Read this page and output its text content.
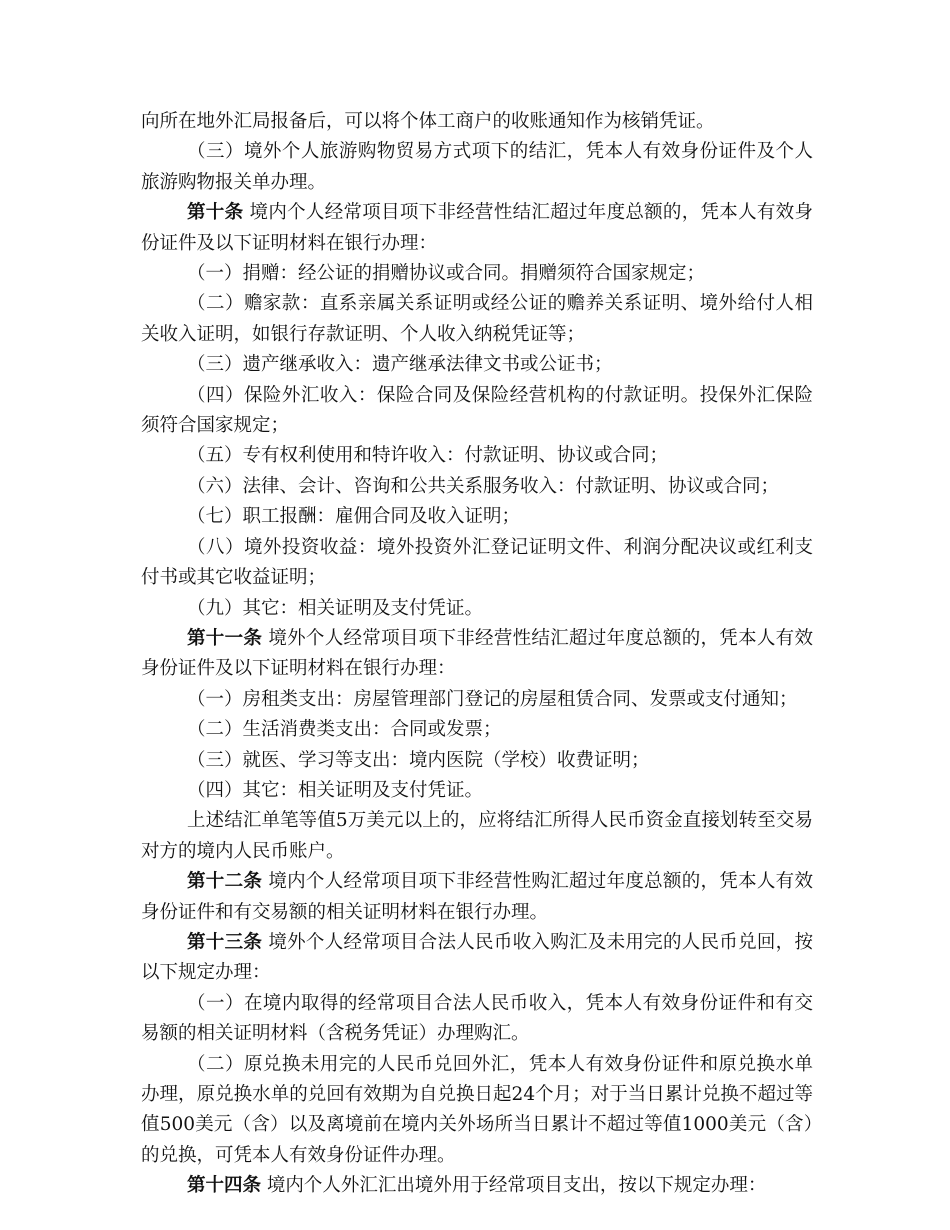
向所在地外汇局报备后，可以将个体工商户的收账通知作为核销凭证。

（三）境外个人旅游购物贸易方式项下的结汇，凭本人有效身份证件及个人旅游购物报关单办理。

第十条 境内个人经常项目项下非经营性结汇超过年度总额的，凭本人有效身份证件及以下证明材料在银行办理：

（一）捐赠：经公证的捐赠协议或合同。捐赠须符合国家规定；

（二）赡家款：直系亲属关系证明或经公证的赡养关系证明、境外给付人相关收入证明，如银行存款证明、个人收入纳税凭证等；

（三）遗产继承收入：遗产继承法律文书或公证书；

（四）保险外汇收入：保险合同及保险经营机构的付款证明。投保外汇保险须符合国家规定；

（五）专有权利使用和特许收入：付款证明、协议或合同；

（六）法律、会计、咨询和公共关系服务收入：付款证明、协议或合同；

（七）职工报酬：雇佣合同及收入证明；

（八）境外投资收益：境外投资外汇登记证明文件、利润分配决议或红利支付书或其它收益证明；

（九）其它：相关证明及支付凭证。

第十一条 境外个人经常项目项下非经营性结汇超过年度总额的，凭本人有效身份证件及以下证明材料在银行办理：

（一）房租类支出：房屋管理部门登记的房屋租赁合同、发票或支付通知；

（二）生活消费类支出：合同或发票；

（三）就医、学习等支出：境内医院（学校）收费证明；

（四）其它：相关证明及支付凭证。

上述结汇单笔等值5万美元以上的，应将结汇所得人民币资金直接划转至交易对方的境内人民币账户。

第十二条 境内个人经常项目项下非经营性购汇超过年度总额的，凭本人有效身份证件和有交易额的相关证明材料在银行办理。

第十三条 境外个人经常项目合法人民币收入购汇及未用完的人民币兑回，按以下规定办理：

（一）在境内取得的经常项目合法人民币收入，凭本人有效身份证件和有交易额的相关证明材料（含税务凭证）办理购汇。

（二）原兑换未用完的人民币兑回外汇，凭本人有效身份证件和原兑换水单办理，原兑换水单的兑回有效期为自兑换日起24个月；对于当日累计兑换不超过等值500美元（含）以及离境前在境内关外场所当日累计不超过等值1000美元（含）的兑换，可凭本人有效身份证件办理。

第十四条 境内个人外汇汇出境外用于经常项目支出，按以下规定办理：
